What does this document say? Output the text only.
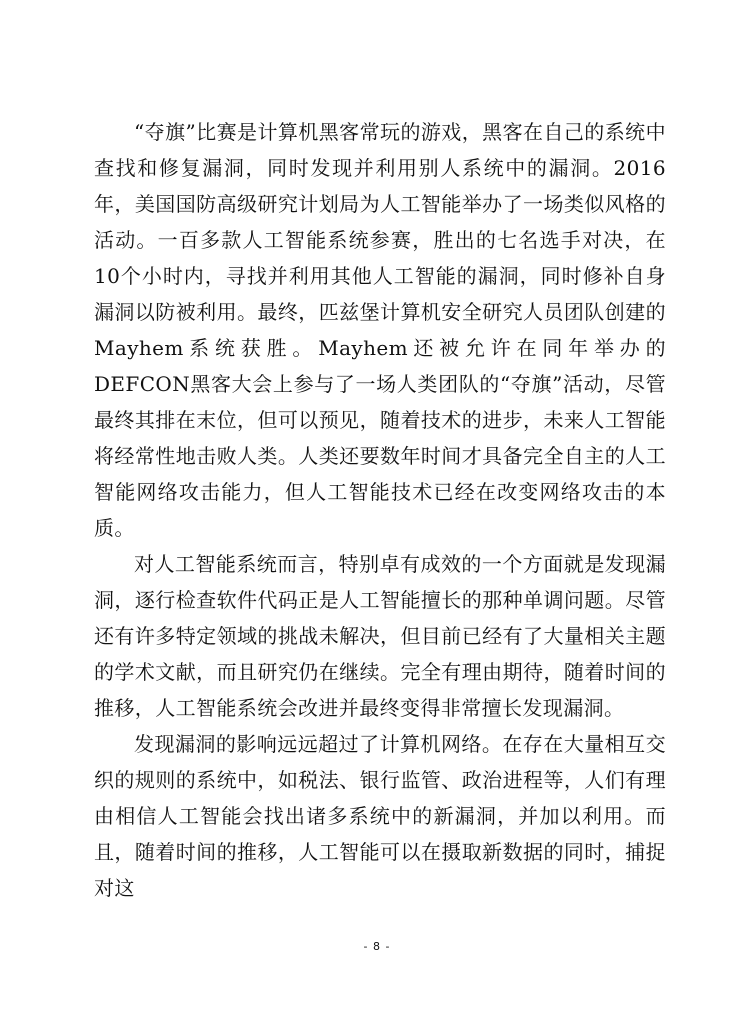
“夺旗”比赛是计算机黑客常玩的游戏，黑客在自己的系统中查找和修复漏洞，同时发现并利用别人系统中的漏洞。2016年，美国国防高级研究计划局为人工智能举办了一场类似风格的活动。一百多款人工智能系统参赛，胜出的七名选手对决，在10个小时内，寻找并利用其他人工智能的漏洞，同时修补自身漏洞以防被利用。最终，匹兹堡计算机安全研究人员团队创建的Mayhem系统获胜。Mayhem还被允许在同年举办的DEFCON黑客大会上参与了一场人类团队的“夺旗”活动，尽管最终其排在末位，但可以预见，随着技术的进步，未来人工智能将经常性地击败人类。人类还要数年时间才具备完全自主的人工智能网络攻击能力，但人工智能技术已经在改变网络攻击的本质。

对人工智能系统而言，特别卓有成效的一个方面就是发现漏洞，逐行检查软件代码正是人工智能擅长的那种单调问题。尽管还有许多特定领域的挑战未解决，但目前已经有了大量相关主题的学术文献，而且研究仍在继续。完全有理由期待，随着时间的推移，人工智能系统会改进并最终变得非常擅长发现漏洞。

发现漏洞的影响远远超过了计算机网络。在存在大量相互交织的规则的系统中，如税法、银行监管、政治进程等，人们有理由相信人工智能会找出诸多系统中的新漏洞，并加以利用。而且，随着时间的推移，人工智能可以在摄取新数据的同时，捕捉对这

- 8 -
